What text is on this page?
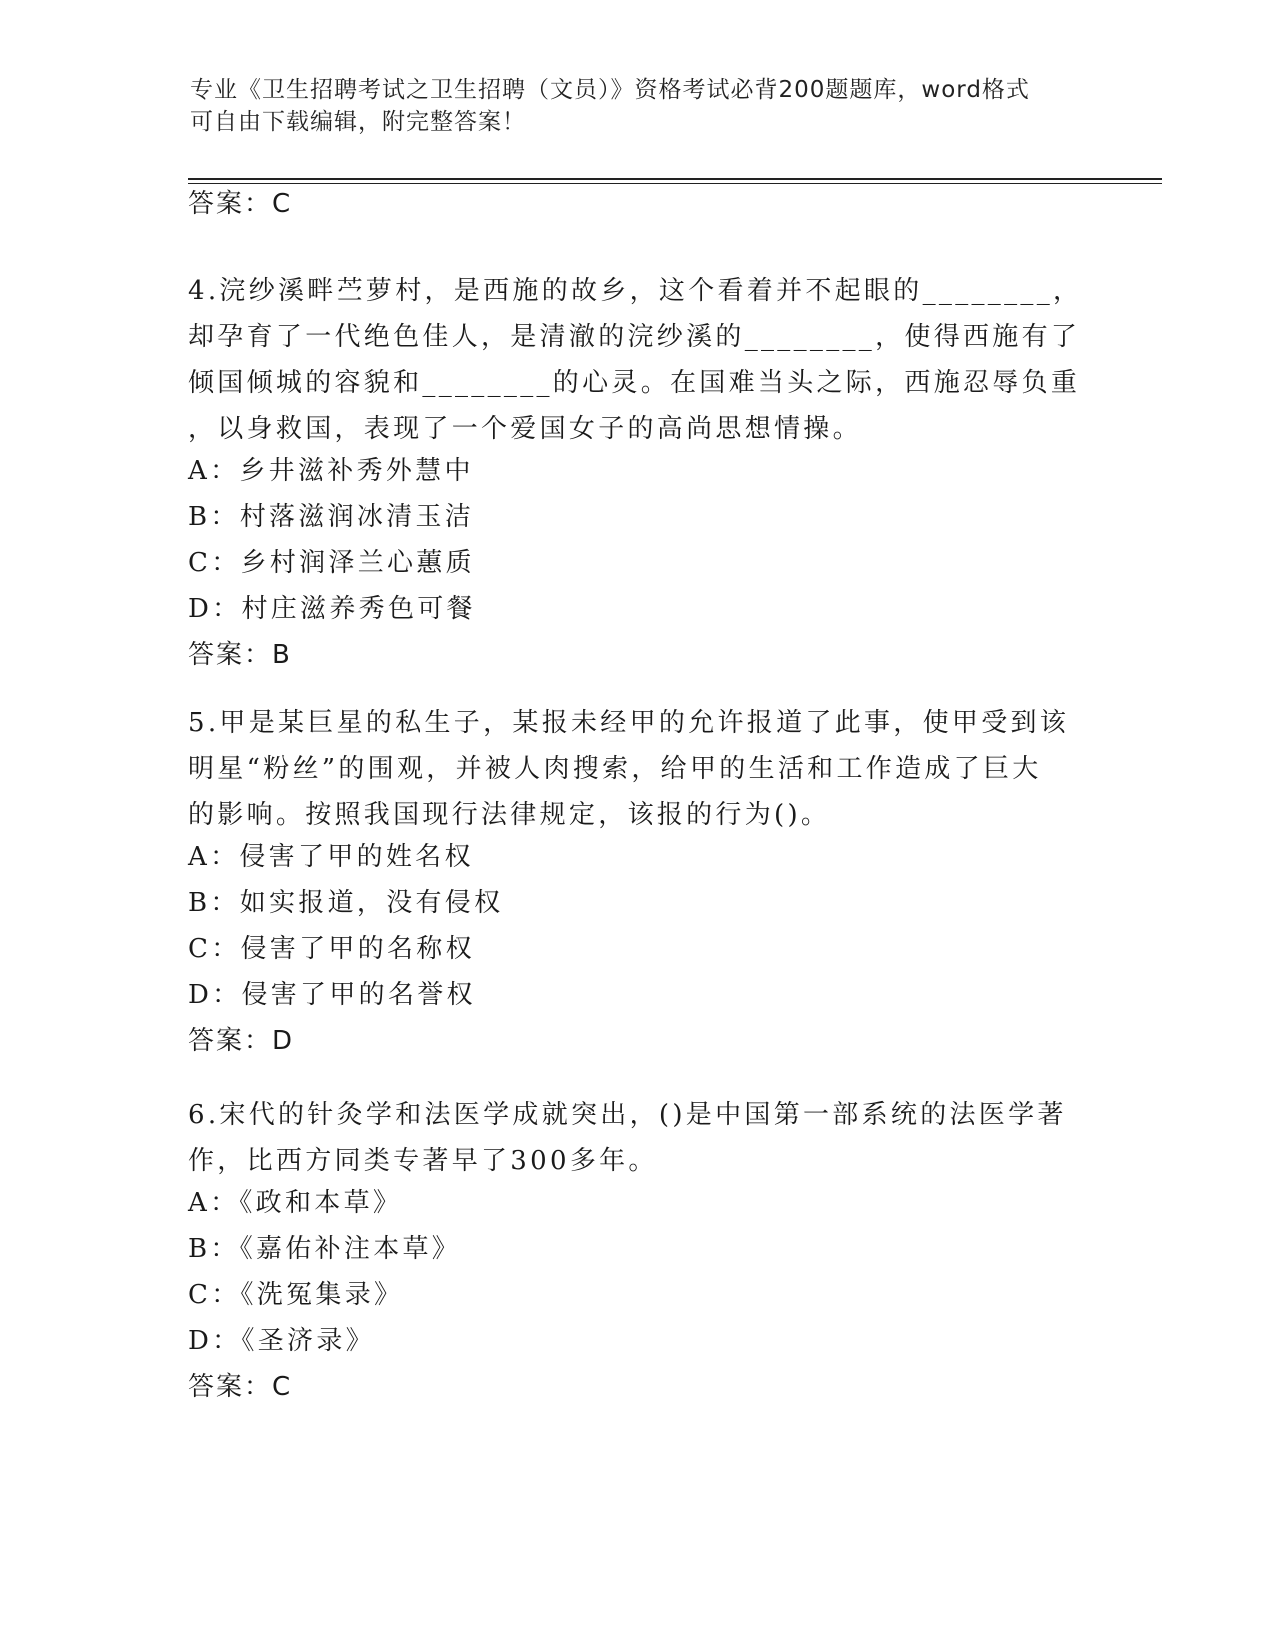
专业《卫生招聘考试之卫生招聘（文员）》资格考试必背200题题库，word格式
可自由下载编辑，附完整答案！
答案：C
4.浣纱溪畔苎萝村，是西施的故乡，这个看着并不起眼的________，
却孕育了一代绝色佳人，是清澈的浣纱溪的________，使得西施有了
倾国倾城的容貌和________的心灵。在国难当头之际，西施忍辱负重
，以身救国，表现了一个爱国女子的高尚思想情操。
A：乡井滋补秀外慧中
B：村落滋润冰清玉洁
C：乡村润泽兰心蕙质
D：村庄滋养秀色可餐
答案：B
5.甲是某巨星的私生子，某报未经甲的允许报道了此事，使甲受到该
明星“粉丝”的围观，并被人肉搜索，给甲的生活和工作造成了巨大
的影响。按照我国现行法律规定，该报的行为()。
A：侵害了甲的姓名权
B：如实报道，没有侵权
C：侵害了甲的名称权
D：侵害了甲的名誉权
答案：D
6.宋代的针灸学和法医学成就突出，()是中国第一部系统的法医学著
作，比西方同类专著早了300多年。
A：《政和本草》
B：《嘉佑补注本草》
C：《洗冤集录》
D：《圣济录》
答案：C
